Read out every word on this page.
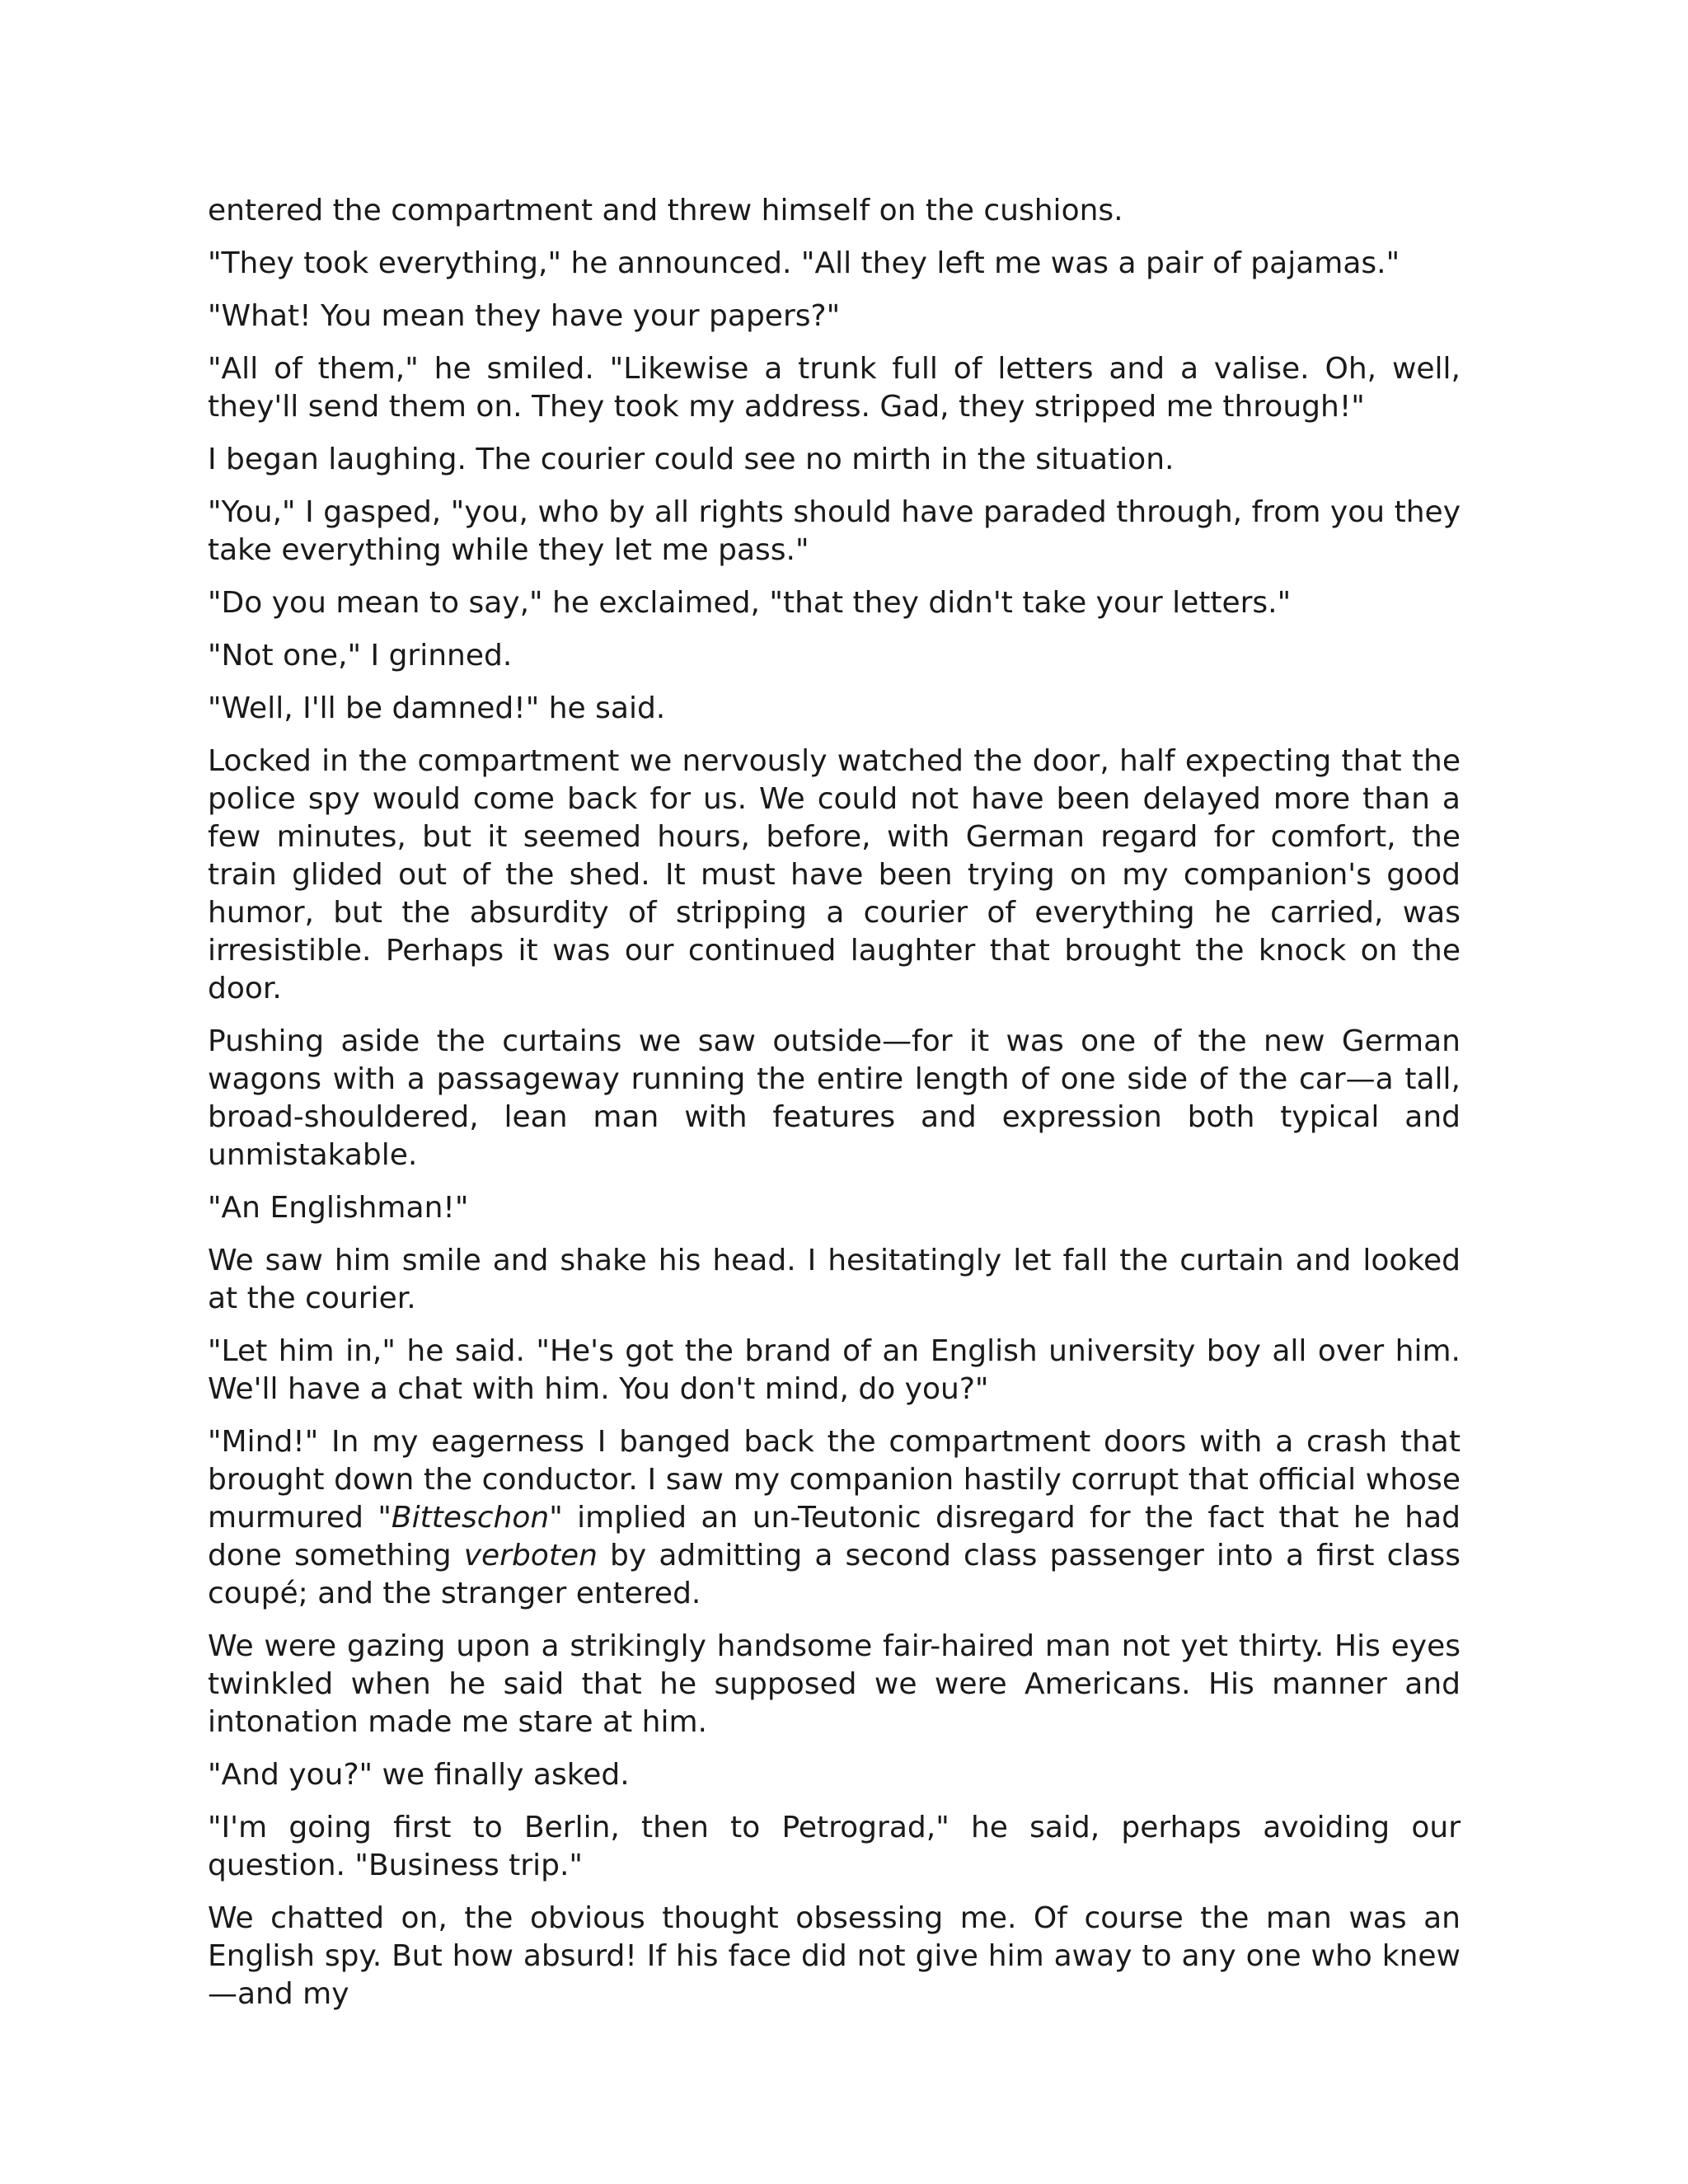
entered the compartment and threw himself on the cushions.

"They took everything," he announced. "All they left me was a pair of pajamas."

"What! You mean they have your papers?"

"All of them," he smiled. "Likewise a trunk full of letters and a valise. Oh, well, they'll send them on. They took my address. Gad, they stripped me through!"

I began laughing. The courier could see no mirth in the situation.

"You," I gasped, "you, who by all rights should have paraded through, from you they take everything while they let me pass."

"Do you mean to say," he exclaimed, "that they didn't take your letters."

"Not one," I grinned.

"Well, I'll be damned!" he said.

Locked in the compartment we nervously watched the door, half expecting that the police spy would come back for us. We could not have been delayed more than a few minutes, but it seemed hours, before, with German regard for comfort, the train glided out of the shed. It must have been trying on my companion's good humor, but the absurdity of stripping a courier of everything he carried, was irresistible. Perhaps it was our continued laughter that brought the knock on the door.

Pushing aside the curtains we saw outside—for it was one of the new German wagons with a passageway running the entire length of one side of the car—a tall, broad-shouldered, lean man with features and expression both typical and unmistakable.

"An Englishman!"

We saw him smile and shake his head. I hesitatingly let fall the curtain and looked at the courier.

"Let him in," he said. "He's got the brand of an English university boy all over him. We'll have a chat with him. You don't mind, do you?"

"Mind!" In my eagerness I banged back the compartment doors with a crash that brought down the conductor. I saw my companion hastily corrupt that official whose murmured "Bitteschon" implied an un-Teutonic disregard for the fact that he had done something verboten by admitting a second class passenger into a first class coupé; and the stranger entered.

We were gazing upon a strikingly handsome fair-haired man not yet thirty. His eyes twinkled when he said that he supposed we were Americans. His manner and intonation made me stare at him.

"And you?" we finally asked.

"I'm going first to Berlin, then to Petrograd," he said, perhaps avoiding our question. "Business trip."

We chatted on, the obvious thought obsessing me. Of course the man was an English spy. But how absurd! If his face did not give him away to any one who knew—and my
